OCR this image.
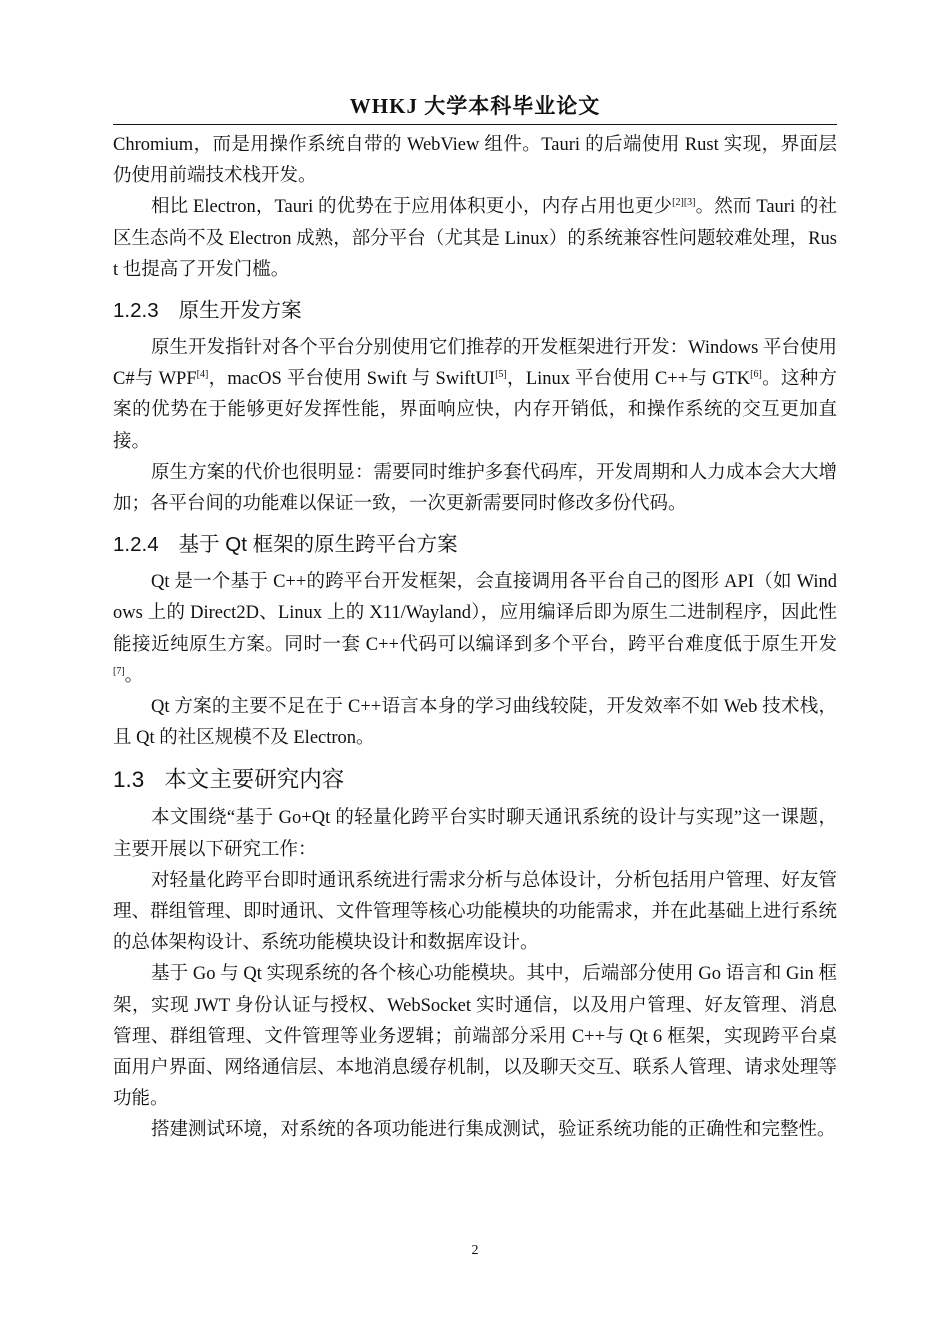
WHKJ 大学本科毕业论文

Chromium，而是用操作系统自带的 WebView 组件。Tauri 的后端使用 Rust 实现，界面层仍使用前端技术栈开发。

相比 Electron，Tauri 的优势在于应用体积更小，内存占用也更少[2][3]。然而 Tauri 的社区生态尚不及 Electron 成熟，部分平台（尤其是 Linux）的系统兼容性问题较难处理，Rust 也提高了开发门槛。

1.2.3 原生开发方案

原生开发指针对各个平台分别使用它们推荐的开发框架进行开发：Windows 平台使用 C#与 WPF[4]，macOS 平台使用 Swift 与 SwiftUI[5]，Linux 平台使用 C++与 GTK[6]。这种方案的优势在于能够更好发挥性能，界面响应快，内存开销低，和操作系统的交互更加直接。

原生方案的代价也很明显：需要同时维护多套代码库，开发周期和人力成本会大大增加；各平台间的功能难以保证一致，一次更新需要同时修改多份代码。

1.2.4 基于 Qt 框架的原生跨平台方案

Qt 是一个基于 C++的跨平台开发框架，会直接调用各平台自己的图形 API（如 Windows 上的 Direct2D、Linux 上的 X11/Wayland），应用编译后即为原生二进制程序，因此性能接近纯原生方案。同时一套 C++代码可以编译到多个平台，跨平台难度低于原生开发[7]。

Qt 方案的主要不足在于 C++语言本身的学习曲线较陡，开发效率不如 Web 技术栈，且 Qt 的社区规模不及 Electron。

1.3 本文主要研究内容

本文围绕“基于 Go+Qt 的轻量化跨平台实时聊天通讯系统的设计与实现”这一课题，主要开展以下研究工作：

对轻量化跨平台即时通讯系统进行需求分析与总体设计，分析包括用户管理、好友管理、群组管理、即时通讯、文件管理等核心功能模块的功能需求，并在此基础上进行系统的总体架构设计、系统功能模块设计和数据库设计。

基于 Go 与 Qt 实现系统的各个核心功能模块。其中，后端部分使用 Go 语言和 Gin 框架，实现 JWT 身份认证与授权、WebSocket 实时通信，以及用户管理、好友管理、消息管理、群组管理、文件管理等业务逻辑；前端部分采用 C++与 Qt 6 框架，实现跨平台桌面用户界面、网络通信层、本地消息缓存机制，以及聊天交互、联系人管理、请求处理等功能。

搭建测试环境，对系统的各项功能进行集成测试，验证系统功能的正确性和完整性。

2
